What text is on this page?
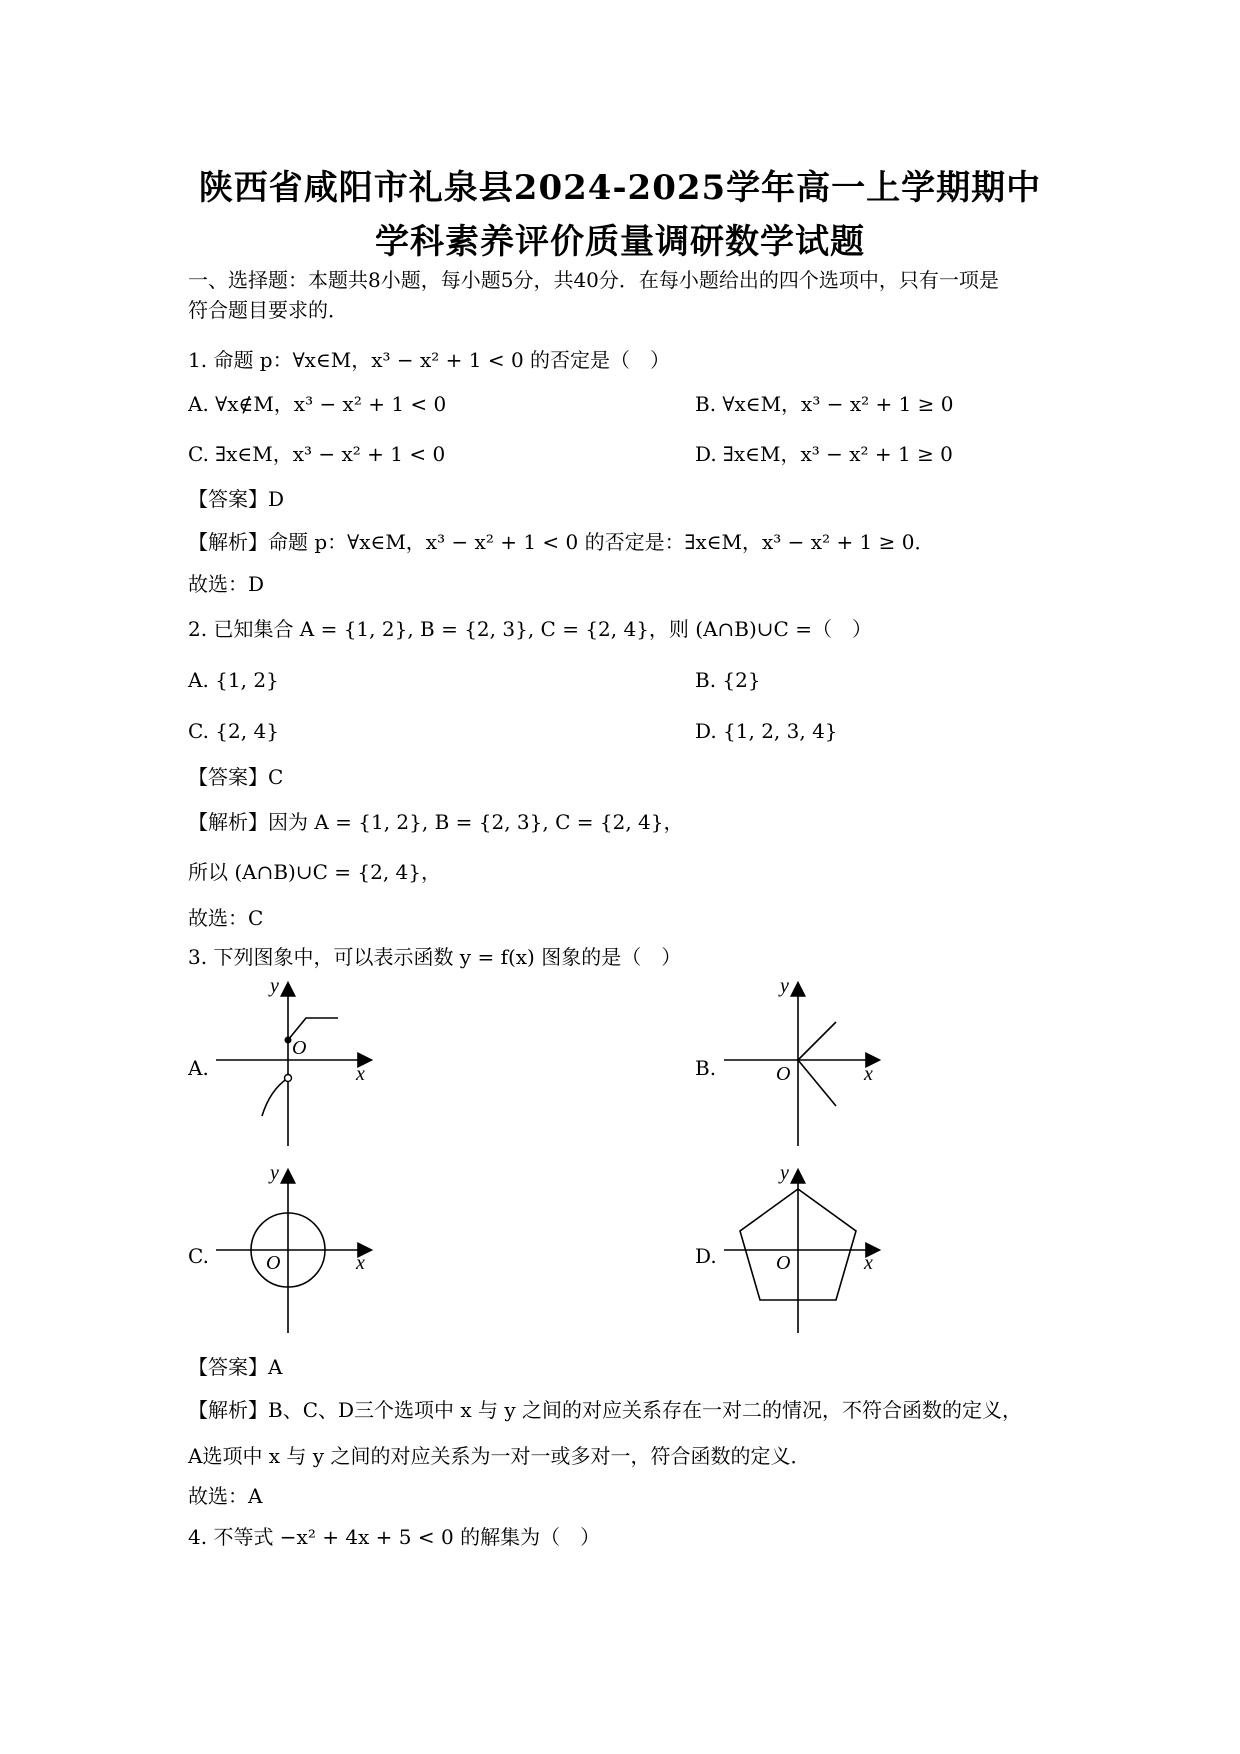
陕西省咸阳市礼泉县2024-2025学年高一上学期期中
学科素养评价质量调研数学试题
一、选择题：本题共8小题，每小题5分，共40分．在每小题给出的四个选项中，只有一项是
符合题目要求的．
1. 命题 p：∀x∈M，x³ − x² + 1 < 0 的否定是（　）
A. ∀x∉M，x³ − x² + 1 < 0	B. ∀x∈M，x³ − x² + 1 ≥ 0
C. ∃x∈M，x³ − x² + 1 < 0	D. ∃x∈M，x³ − x² + 1 ≥ 0
【答案】D
【解析】命题 p：∀x∈M，x³ − x² + 1 < 0 的否定是：∃x∈M，x³ − x² + 1 ≥ 0．
故选：D
2. 已知集合 A = {1, 2}, B = {2, 3}, C = {2, 4}，则 (A∩B)∪C =（　）
A. {1, 2}	B. {2}
C. {2, 4}	D. {1, 2, 3, 4}
【答案】C
【解析】因为 A = {1, 2}, B = {2, 3}, C = {2, 4}，
所以 (A∩B)∪C = {2, 4}，
故选：C
3. 下列图象中，可以表示函数 y = f(x) 图象的是（　）
A.
y
x
O
B.
y
x
O
C.
y
x
O	D.
y
x
O
【答案】A
【解析】B、C、D三个选项中 x 与 y 之间的对应关系存在一对二的情况，不符合函数的定义，
A选项中 x 与 y 之间的对应关系为一对一或多对一，符合函数的定义．
故选：A
4. 不等式 −x² + 4x + 5 < 0 的解集为（　）
